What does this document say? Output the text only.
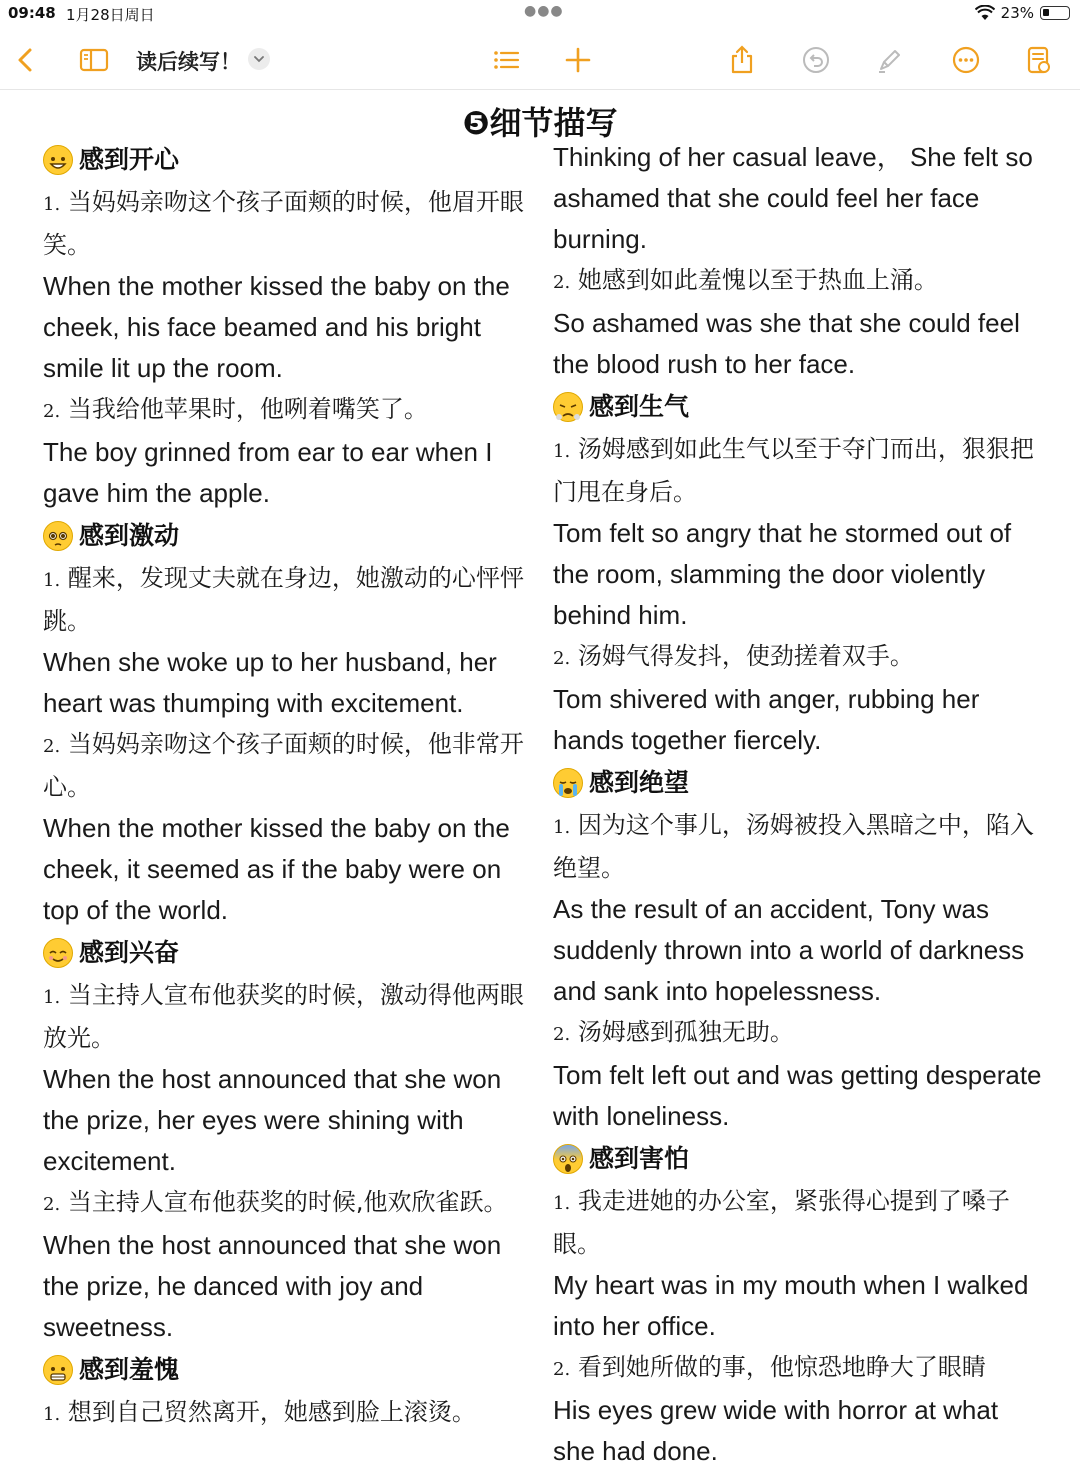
09:48 1月28日周日	●●●	23%
读后续写！
❺细节描写
感到开心
1. 当妈妈亲吻这个孩子面颊的时候，他眉开眼笑。
When the mother kissed the baby on the cheek, his face beamed and his bright smile lit up the room.
2. 当我给他苹果时，他咧着嘴笑了。
The boy grinned from ear to ear when I gave him the apple.
感到激动
1. 醒来，发现丈夫就在身边，她激动的心怦怦跳。
When she woke up to her husband, her heart was thumping with excitement.
2. 当妈妈亲吻这个孩子面颊的时候，他非常开心。
When the mother kissed the baby on the cheek, it seemed as if the baby were on top of the world.
感到兴奋
1. 当主持人宣布他获奖的时候，激动得他两眼放光。
When the host announced that she won the prize, her eyes were shining with excitement.
2. 当主持人宣布他获奖的时候,他欢欣雀跃。
When the host announced that she won the prize, he danced with joy and sweetness.
感到羞愧
1. 想到自己贸然离开，她感到脸上滚烫。
Thinking of her casual leave， She felt so ashamed that she could feel her face burning.
2. 她感到如此羞愧以至于热血上涌。
So ashamed was she that she could feel the blood rush to her face.
感到生气
1. 汤姆感到如此生气以至于夺门而出，狠狠把门甩在身后。
Tom felt so angry that he stormed out of the room, slamming the door violently behind him.
2. 汤姆气得发抖，使劲搓着双手。
Tom shivered with anger, rubbing her hands together fiercely.
感到绝望
1. 因为这个事儿，汤姆被投入黑暗之中，陷入绝望。
As the result of an accident, Tony was suddenly thrown into a world of darkness and sank into hopelessness.
2. 汤姆感到孤独无助。
Tom felt left out and was getting desperate with loneliness.
感到害怕
1. 我走进她的办公室，紧张得心提到了嗓子眼。
My heart was in my mouth when I walked into her office.
2. 看到她所做的事，他惊恐地睁大了眼睛
His eyes grew wide with horror at what she had done.
